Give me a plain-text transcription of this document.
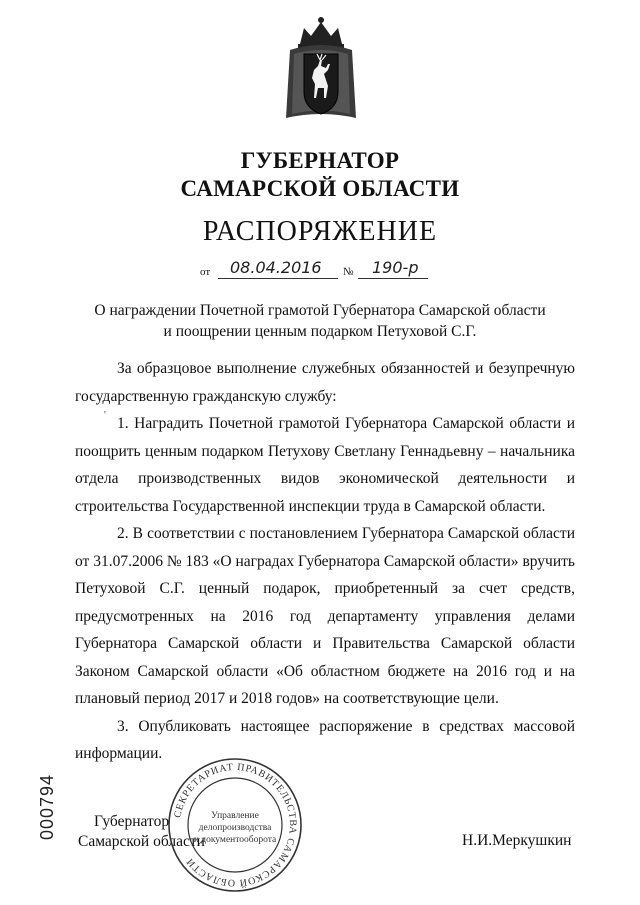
ГУБЕРНАТОР
САМАРСКОЙ ОБЛАСТИ
РАСПОРЯЖЕНИЕ
от 08.04.2016 № 190-р
О награждении Почетной грамотой Губернатора Самарской области
и поощрении ценным подарком Петуховой С.Г.
'

За образцовое выполнение служебных обязанностей и безупречную государственную гражданскую службу:

1. Наградить Почетной грамотой Губернатора Самарской области и поощрить ценным подарком Петухову Светлану Геннадьевну – начальника отдела производственных видов экономической деятельности и строительства Государственной инспекции труда в Самарской области.

2. В соответствии с постановлением Губернатора Самарской области от 31.07.2006 № 183 «О наградах Губернатора Самарской области» вручить Петуховой С.Г. ценный подарок, приобретенный за счет средств, предусмотренных на 2016 год департаменту управления делами Губернатора Самарской области и Правительства Самарской области Законом Самарской области «Об областном бюджете на 2016 год и на плановый период 2017 и 2018 годов» на соответствующие цели.

3. Опубликовать настоящее распоряжение в средствах массовой информации.

Губернатор
Самарской области
СЕКРЕТАРИАТ ПРАВИТЕЛЬСТВА САМАРСКОЙ ОБЛАСТИ
Управление
делопроизводства
и документооборота	Н.И.Меркушкин
000794
